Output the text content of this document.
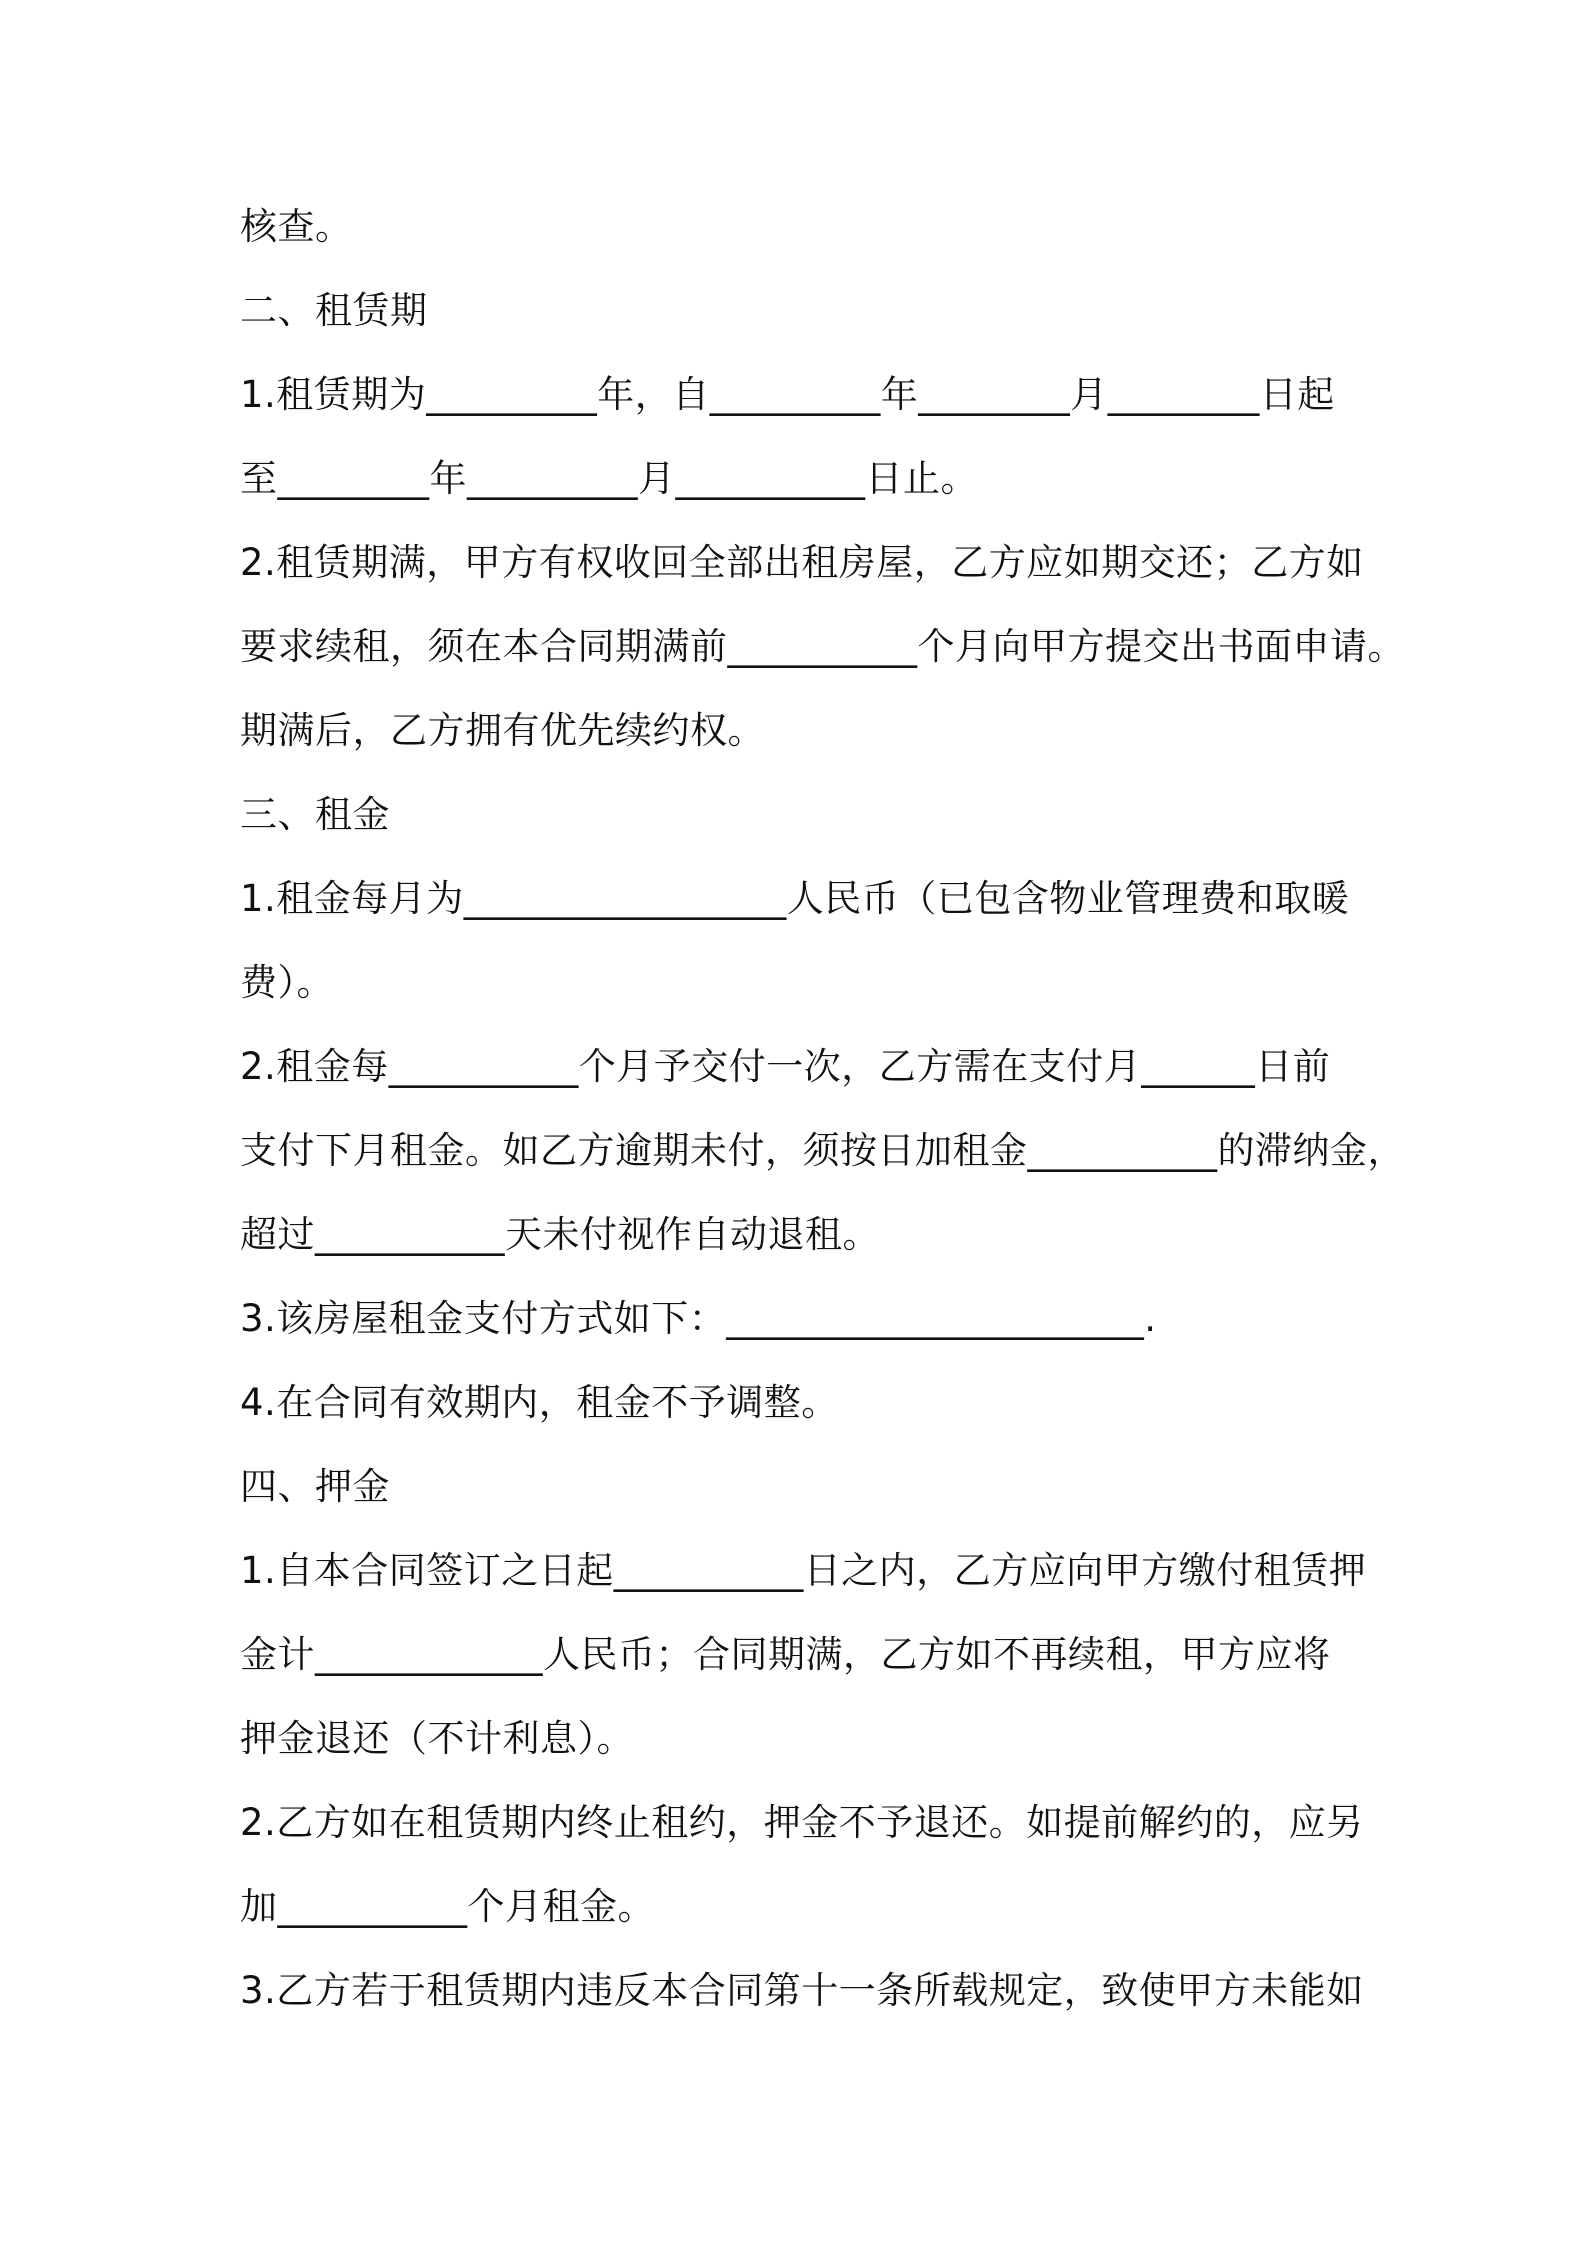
核查。
二、租赁期
1.租赁期为_________年，自_________年________月________日起
至________年_________月__________日止。
2.租赁期满，甲方有权收回全部出租房屋，乙方应如期交还；乙方如
要求续租，须在本合同期满前__________个月向甲方提交出书面申请。
期满后，乙方拥有优先续约权。
三、租金
1.租金每月为_________________人民币（已包含物业管理费和取暖
费）。
2.租金每__________个月予交付一次，乙方需在支付月______日前
支付下月租金。如乙方逾期未付，须按日加租金__________的滞纳金，
超过__________天未付视作自动退租。
3.该房屋租金支付方式如下：______________________.
4.在合同有效期内，租金不予调整。
四、押金
1.自本合同签订之日起__________日之内，乙方应向甲方缴付租赁押
金计____________人民币；合同期满，乙方如不再续租，甲方应将
押金退还（不计利息）。
2.乙方如在租赁期内终止租约，押金不予退还。如提前解约的，应另
加__________个月租金。
3.乙方若于租赁期内违反本合同第十一条所载规定，致使甲方未能如
